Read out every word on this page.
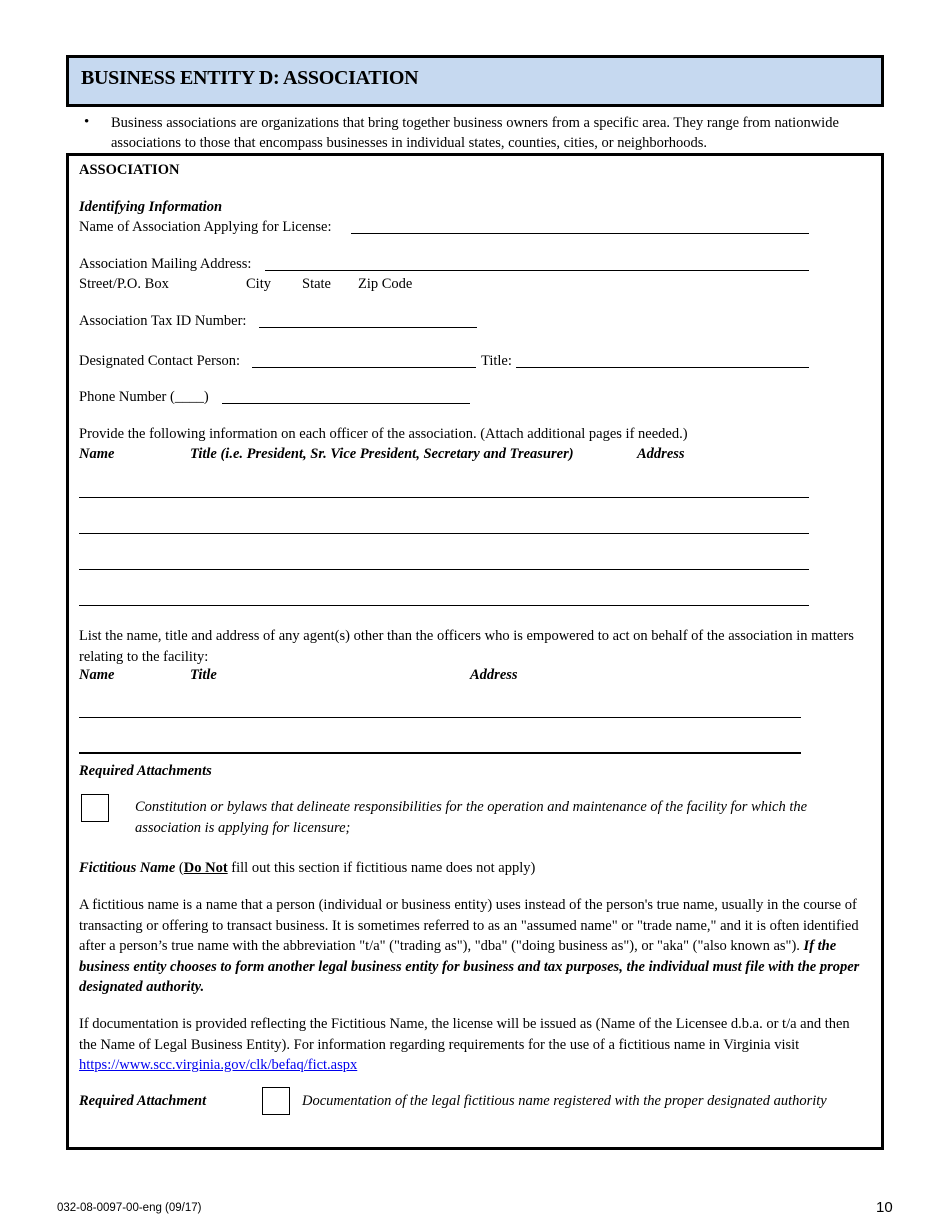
BUSINESS ENTITY D: ASSOCIATION
• Business associations are organizations that bring together business owners from a specific area. They range from nationwide associations to those that encompass businesses in individual states, counties, cities, or neighborhoods.
ASSOCIATION
Identifying Information
Name of Association Applying for License:
Association Mailing Address:
Street/P.O. Box	City State Zip Code
Association Tax ID Number:
Designated Contact Person:	Title:
Phone Number (____)
Provide the following information on each officer of the association. (Attach additional pages if needed.)
Name	Title (i.e. President, Sr. Vice President, Secretary and Treasurer)	Address
List the name, title and address of any agent(s) other than the officers who is empowered to act on behalf of the association in matters relating to the facility:
Name	Title	Address
Required Attachments
Constitution or bylaws that delineate responsibilities for the operation and maintenance of the facility for which the association is applying for licensure;
Fictitious Name (Do Not fill out this section if fictitious name does not apply)
A fictitious name is a name that a person (individual or business entity) uses instead of the person's true name, usually in the course of transacting or offering to transact business. It is sometimes referred to as an "assumed name" or "trade name," and it is often identified after a person’s true name with the abbreviation "t/a" ("trading as"), "dba" ("doing business as"), or "aka" ("also known as"). If the business entity chooses to form another legal business entity for business and tax purposes, the individual must file with the proper designated authority.
If documentation is provided reflecting the Fictitious Name, the license will be issued as (Name of the Licensee d.b.a. or t/a and then the Name of Legal Business Entity). For information regarding requirements for the use of a fictitious name in Virginia visit https://www.scc.virginia.gov/clk/befaq/fict.aspx
Required Attachment	Documentation of the legal fictitious name registered with the proper designated authority
032-08-0097-00-eng (09/17)	10
